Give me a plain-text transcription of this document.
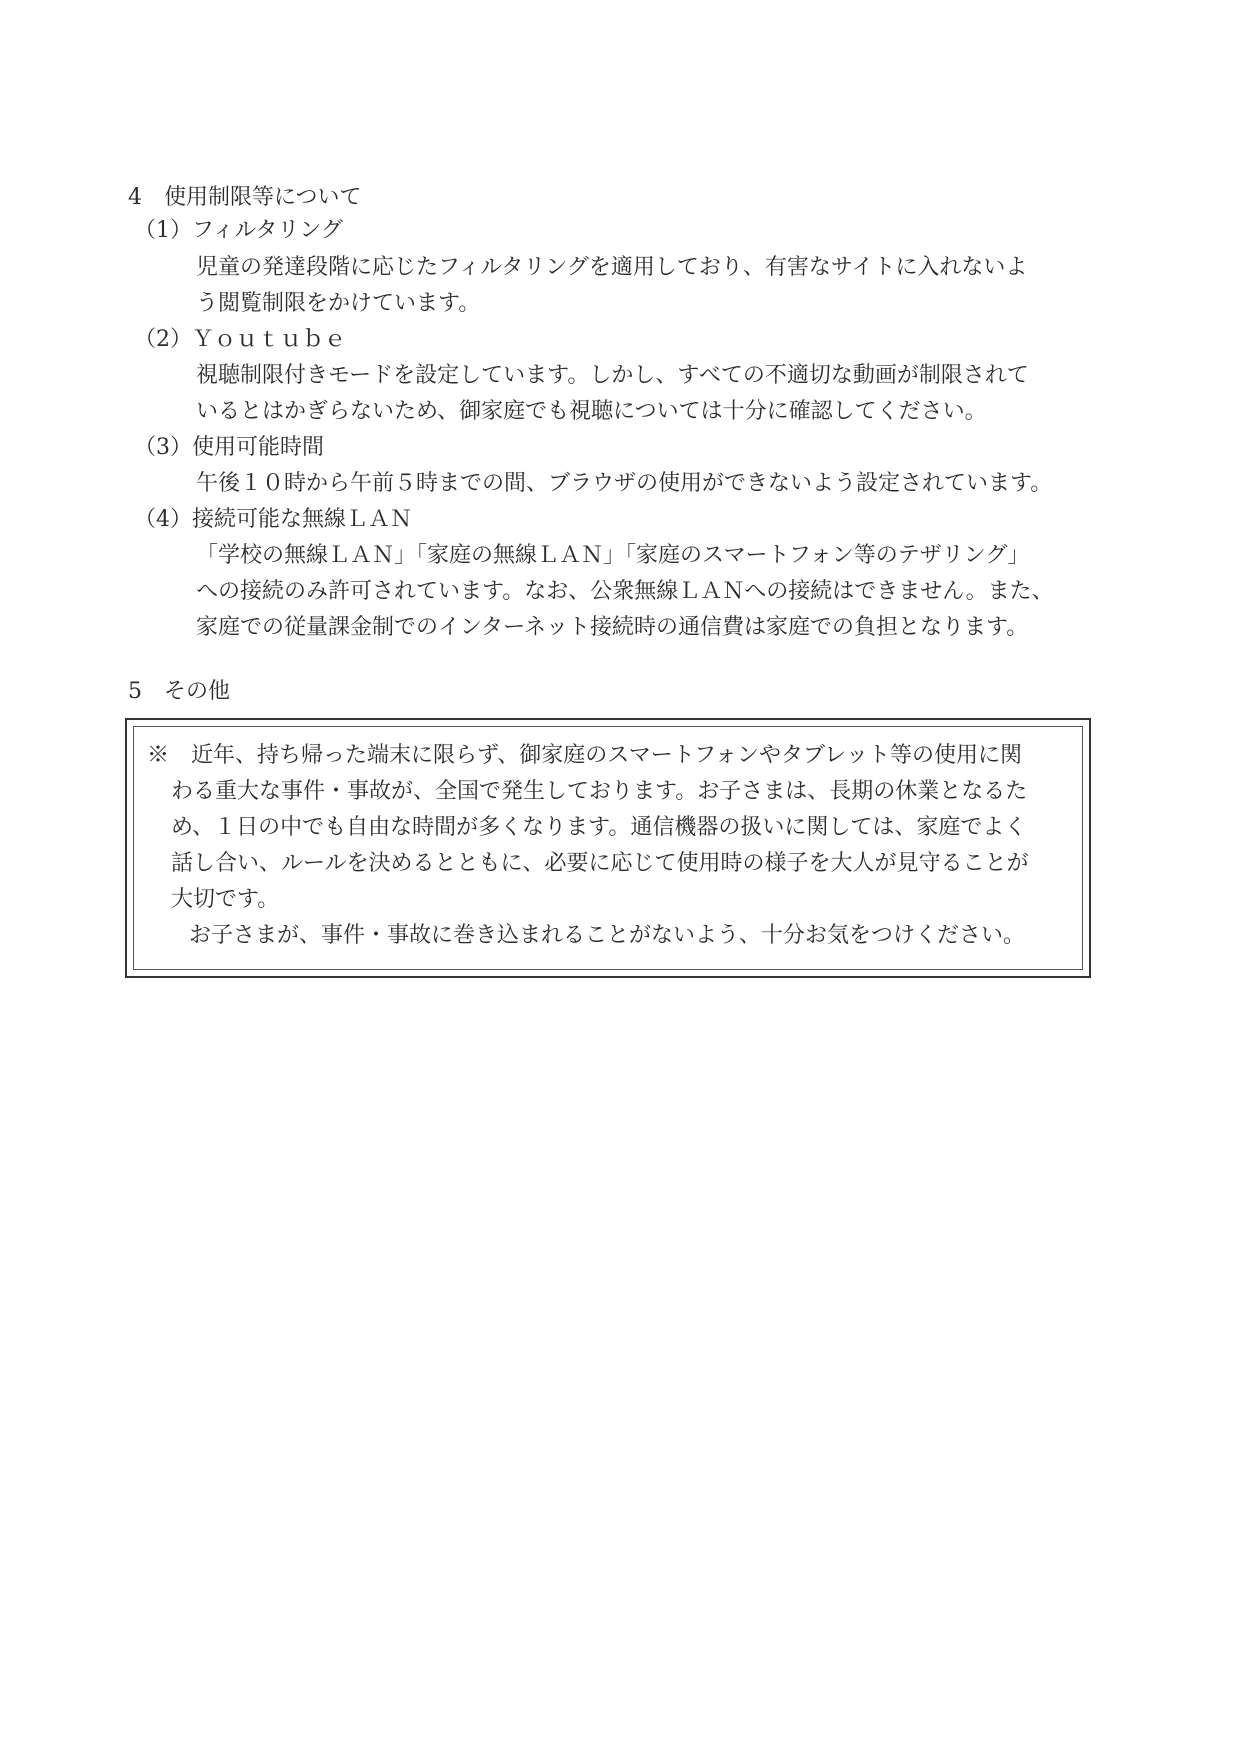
4　使用制限等について
（1）フィルタリング
児童の発達段階に応じたフィルタリングを適用しており、有害なサイトに入れないよ
う閲覧制限をかけています。
（2）Ｙｏｕｔｕｂｅ
視聴制限付きモードを設定しています。しかし、すべての不適切な動画が制限されて
いるとはかぎらないため、御家庭でも視聴については十分に確認してください。
（3）使用可能時間
午後１０時から午前５時までの間、ブラウザの使用ができないよう設定されています。
（4）接続可能な無線ＬＡＮ
「学校の無線ＬＡＮ」「家庭の無線ＬＡＮ」「家庭のスマートフォン等のテザリング」
への接続のみ許可されています。なお、公衆無線ＬＡＮへの接続はできません。また、
家庭での従量課金制でのインターネット接続時の通信費は家庭での負担となります。
5　その他
※　近年、持ち帰った端末に限らず、御家庭のスマートフォンやタブレット等の使用に関
わる重大な事件・事故が、全国で発生しております。お子さまは、長期の休業となるた
め、１日の中でも自由な時間が多くなります。通信機器の扱いに関しては、家庭でよく
話し合い、ルールを決めるとともに、必要に応じて使用時の様子を大人が見守ることが
大切です。
お子さまが、事件・事故に巻き込まれることがないよう、十分お気をつけください。
